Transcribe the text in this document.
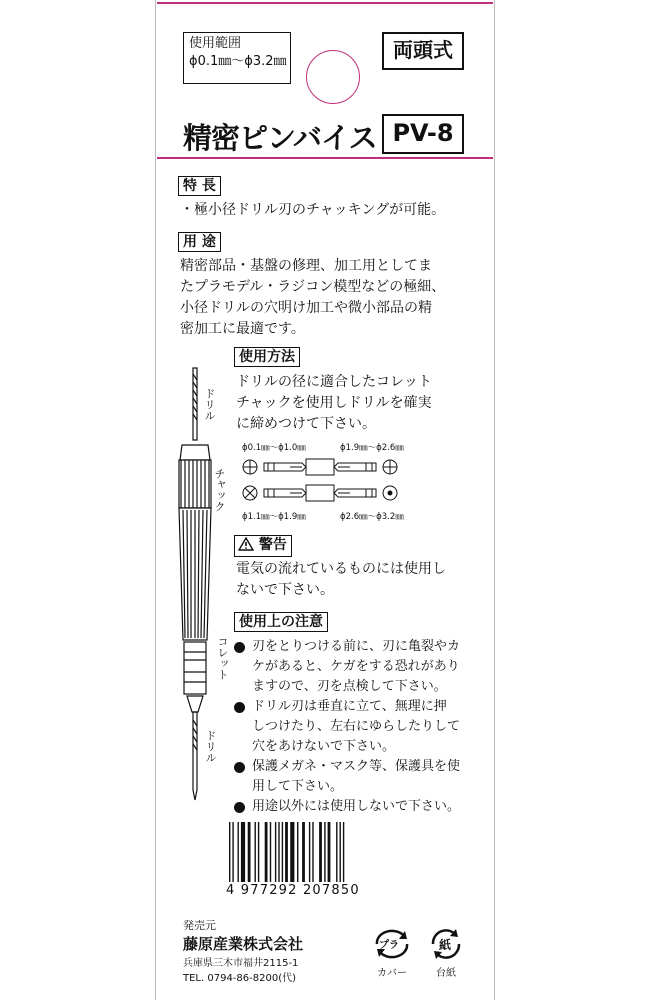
使用範囲
ϕ0.1㎜〜ϕ3.2㎜	両頭式
精密ピンバイス PV-8
特 長
・極小径ドリル刃のチャッキングが可能。
用 途
精密部品・基盤の修理、加工用としてま
たプラモデル・ラジコン模型などの極細、
小径ドリルの穴明け加工や微小部品の精
密加工に最適です。
ドリル
チャック
コレット
ドリル
使用方法
ドリルの径に適合したコレット
チャックを使用しドリルを確実
に締めつけて下さい。
ϕ0.1㎜〜ϕ1.0㎜	ϕ1.9㎜〜ϕ2.6㎜
ϕ1.1㎜〜ϕ1.9㎜	ϕ2.6㎜〜ϕ3.2㎜
警告
電気の流れているものには使用し
ないで下さい。
使用上の注意
刃をとりつける前に、刃に亀裂やカ
ケがあると、ケガをする恐れがあり
ますので、刃を点検して下さい。
ドリル刃は垂直に立て、無理に押
しつけたり、左右にゆらしたりして
穴をあけないで下さい。
保護メガネ・マスク等、保護具を使
用して下さい。
用途以外には使用しないで下さい。
4 977292 207850
発売元
藤原産業株式会社
兵庫県三木市福井2115-1
TEL. 0794-86-8200(代)
プラ
カバー
紙
台紙
